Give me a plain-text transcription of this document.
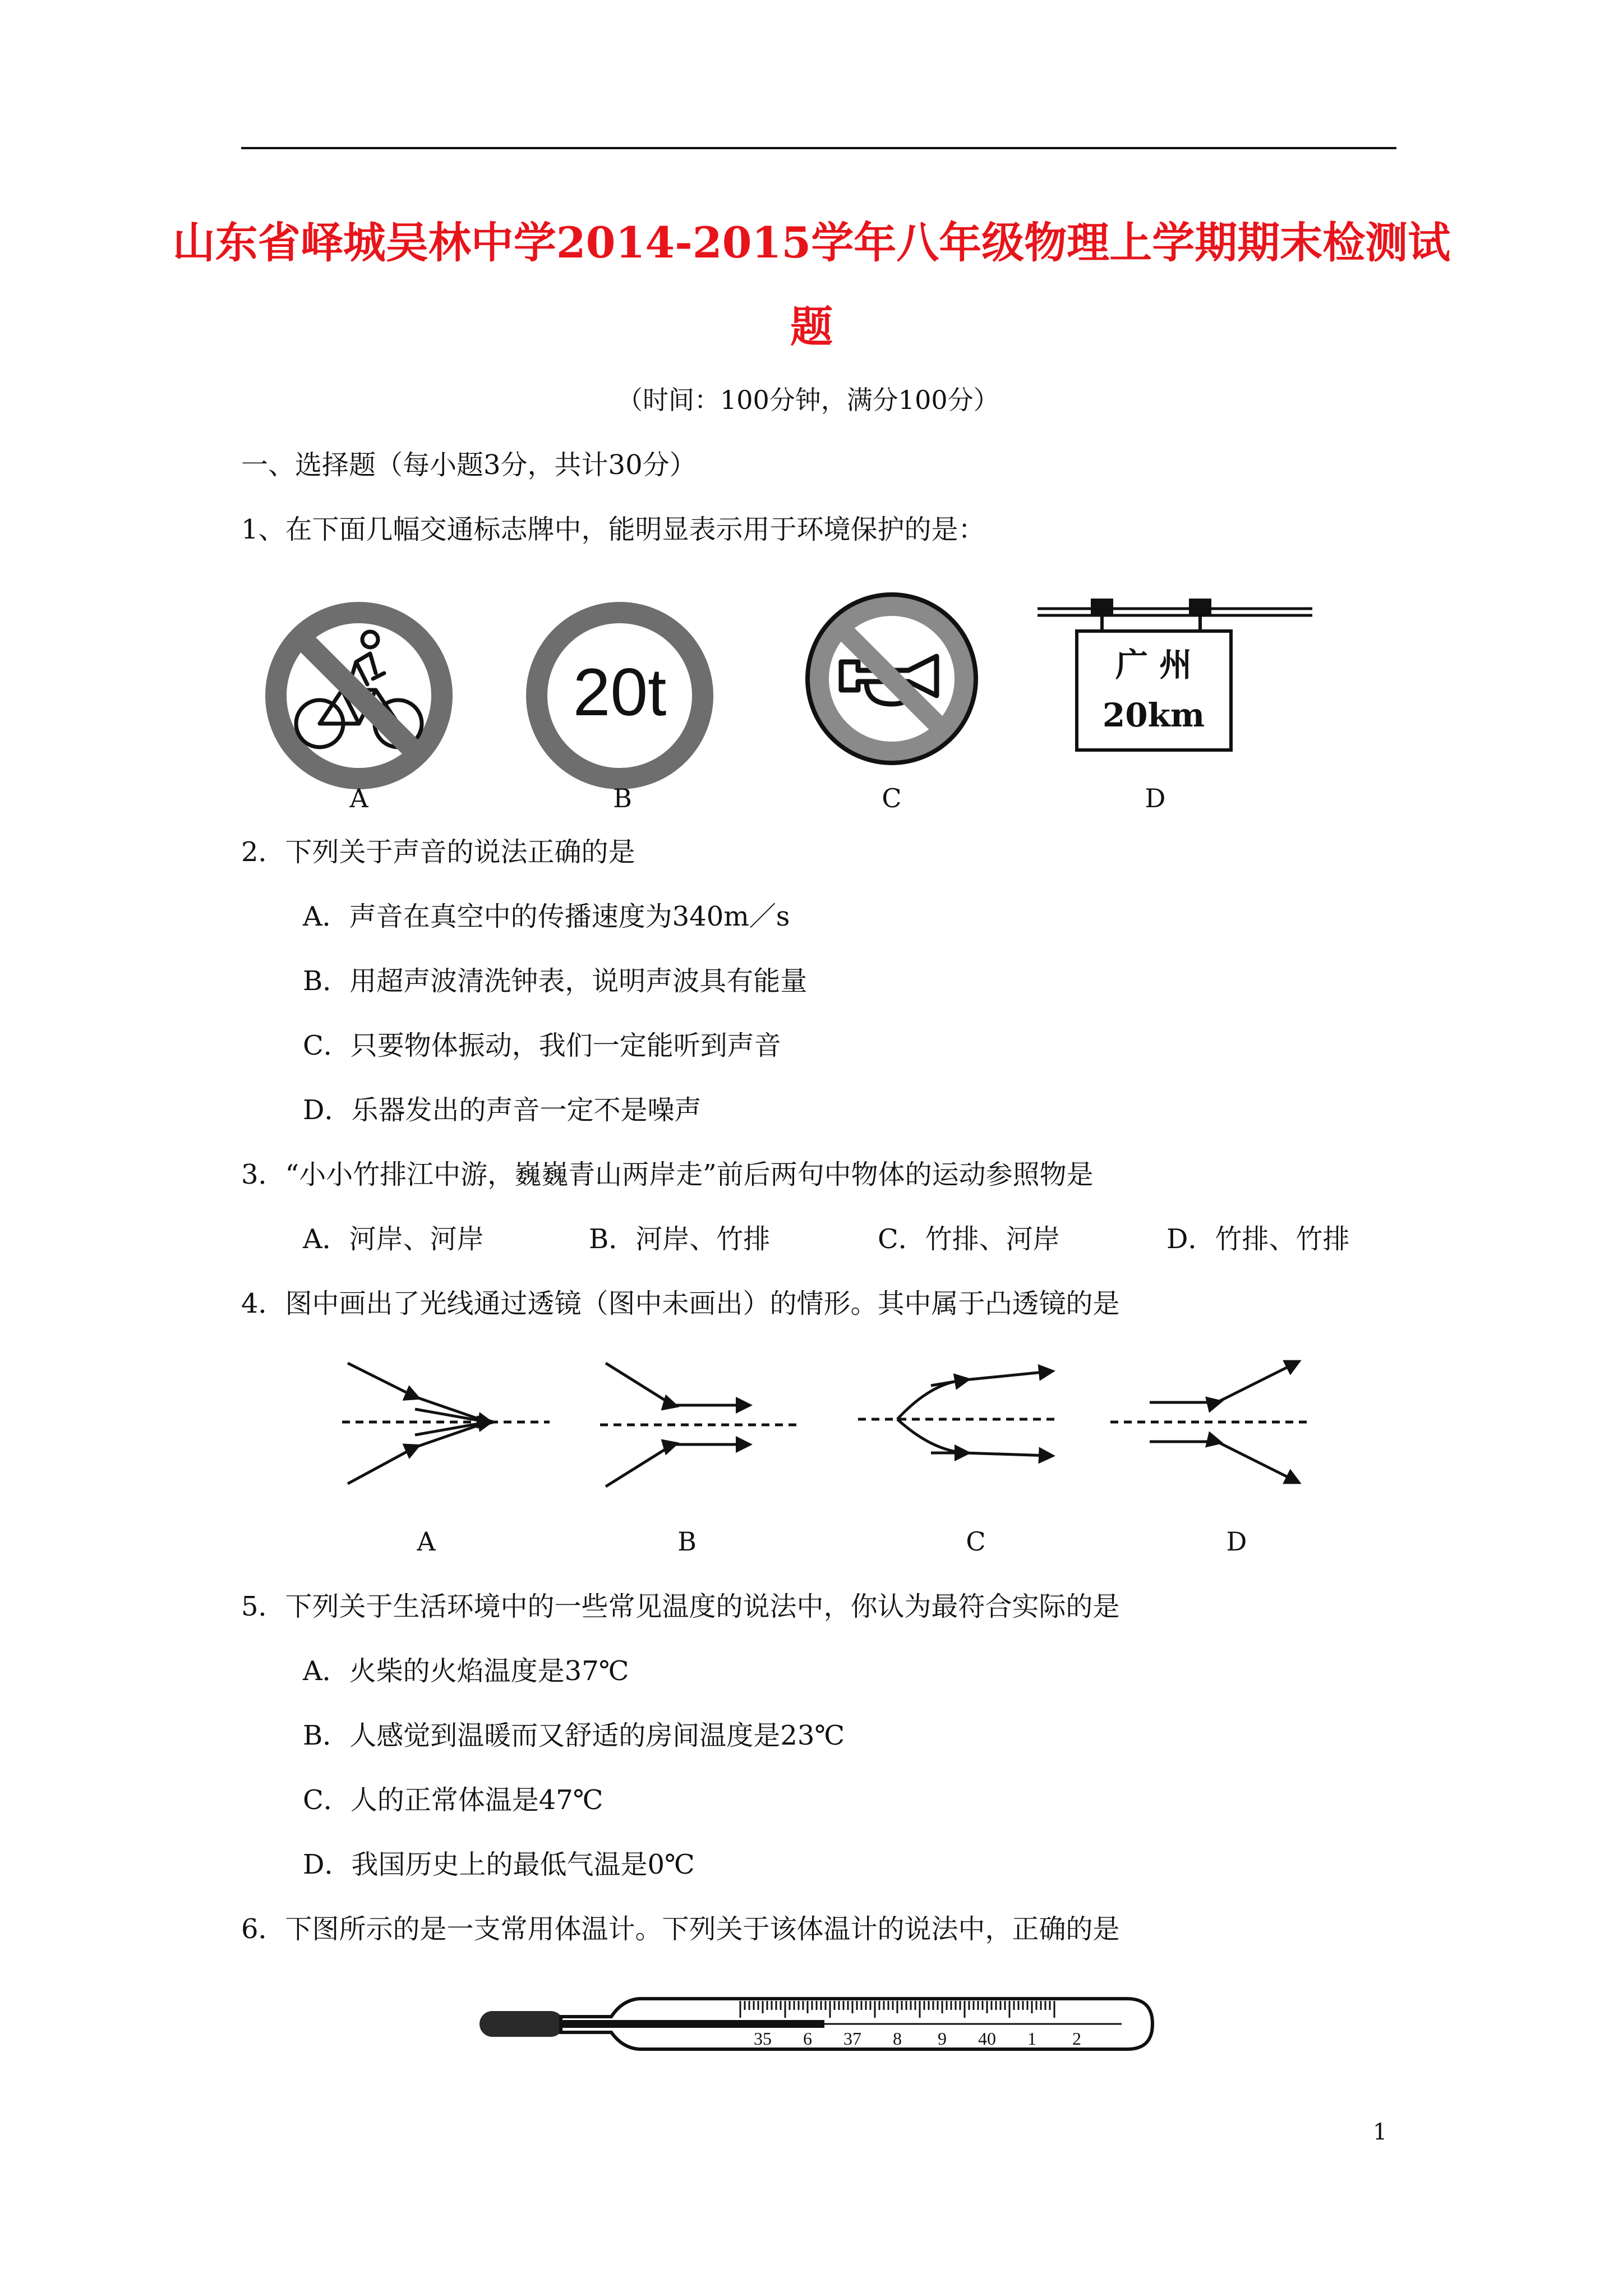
山东省峄城吴林中学2014-2015学年八年级物理上学期期末检测试
题
（时间：100分钟，满分100分）
一、选择题（每小题3分，共计30分）
1、在下面几幅交通标志牌中，能明显表示用于环境保护的是：
20t	广 州
20km
A	B	C	D
2．下列关于声音的说法正确的是
A．声音在真空中的传播速度为340m／s
B．用超声波清洗钟表，说明声波具有能量
C．只要物体振动，我们一定能听到声音
D．乐器发出的声音一定不是噪声
3．“小小竹排江中游，巍巍青山两岸走”前后两句中物体的运动参照物是
A．河岸、河岸	B．河岸、竹排	C．竹排、河岸	D．竹排、竹排
4．图中画出了光线通过透镜（图中未画出）的情形。其中属于凸透镜的是
A	B	C	D
5．下列关于生活环境中的一些常见温度的说法中，你认为最符合实际的是
A．火柴的火焰温度是37℃
B．人感觉到温暖而又舒适的房间温度是23℃
C．人的正常体温是47℃
D．我国历史上的最低气温是0℃
6．下图所示的是一支常用体温计。下列关于该体温计的说法中，正确的是
35 6 37 8 9 40 1 2
1
